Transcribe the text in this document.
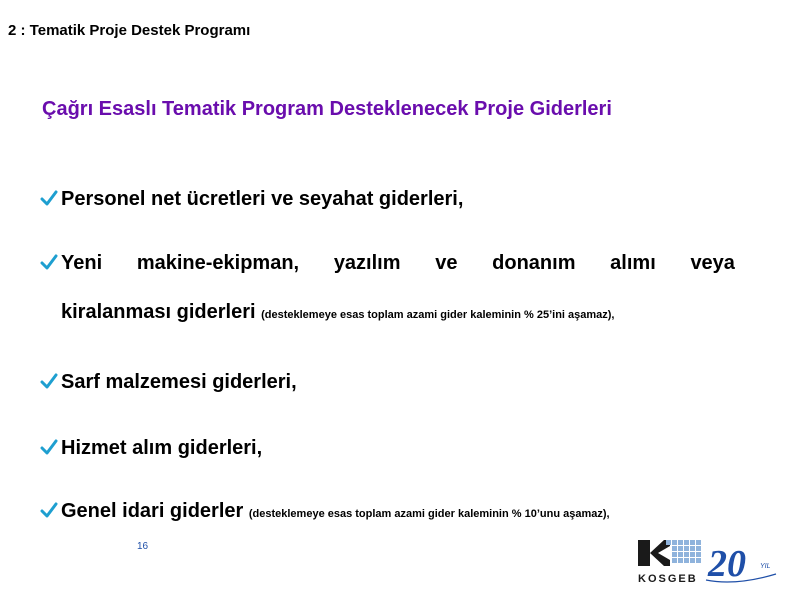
2 : Tematik Proje Destek Programı
Çağrı Esaslı Tematik Program Desteklenecek Proje Giderleri
Personel net ücretleri ve seyahat giderleri,
Yeni makine-ekipman, yazılım ve donanım alımı veya
kiralanması giderleri (desteklemeye esas toplam azami gider kaleminin % 25’ini aşamaz),
Sarf malzemesi giderleri,
Hizmet alım giderleri,
Genel idari giderler (desteklemeye esas toplam azami gider kaleminin % 10’unu aşamaz),
16
KOSGEB 20 YIL
